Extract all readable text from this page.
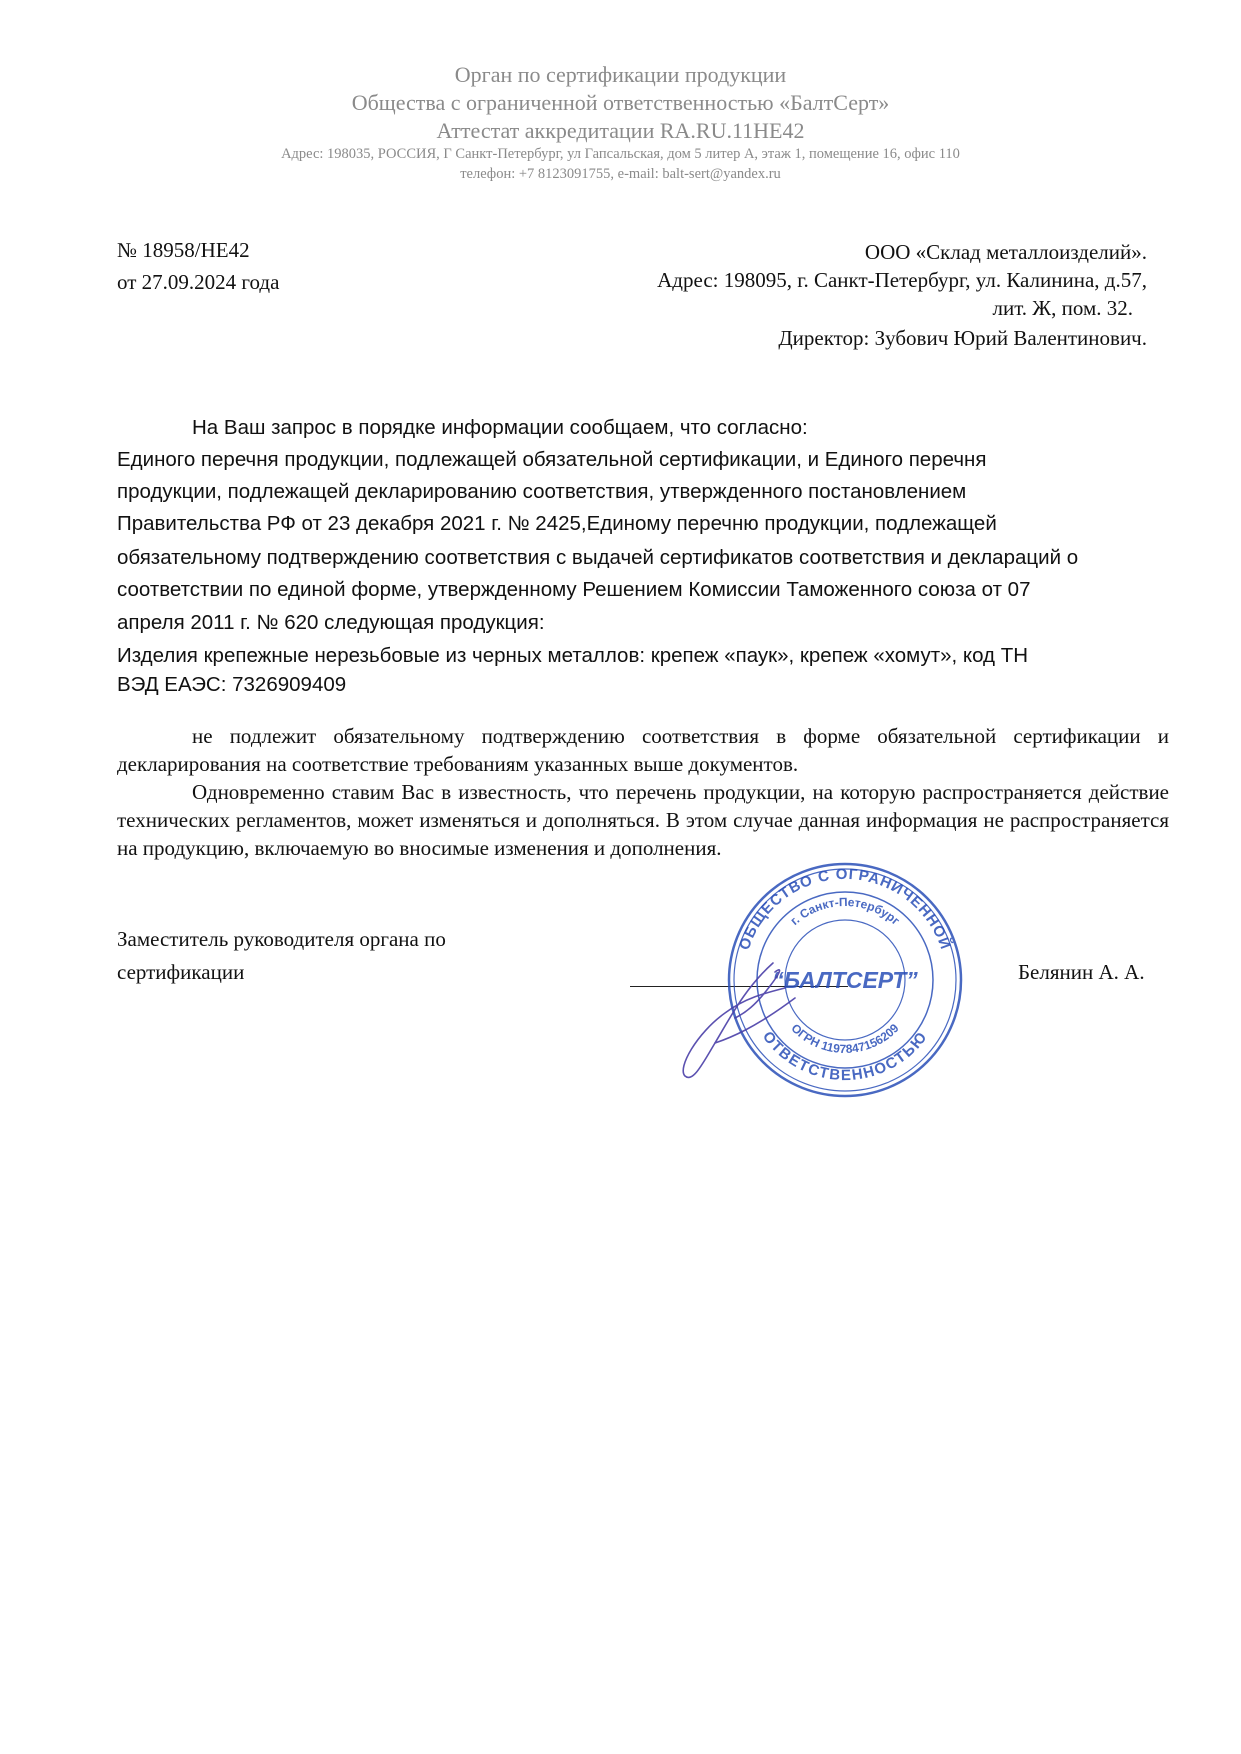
Орган по сертификации продукции
Общества с ограниченной ответственностью «БалтСерт»
Аттестат аккредитации RA.RU.11НЕ42
Адрес: 198035, РОССИЯ, Г Санкт-Петербург, ул Гапсальская, дом 5 литер А, этаж 1, помещение 16, офис 110
телефон: +7 8123091755, e-mail: balt-sert@yandex.ru
№ 18958/НЕ42
от 27.09.2024 года
ООО «Склад металлоизделий».
Адрес: 198095, г. Санкт-Петербург, ул. Калинина, д.57,
лит. Ж, пом. 32.
Директор: Зубович Юрий Валентинович.
На Ваш запрос в порядке информации сообщаем, что согласно:
Единого перечня продукции, подлежащей обязательной сертификации, и Единого перечня
продукции, подлежащей декларированию соответствия, утвержденного постановлением
Правительства РФ от 23 декабря 2021 г. № 2425,Единому перечню продукции, подлежащей
обязательному подтверждению соответствия с выдачей сертификатов соответствия и деклараций о
соответствии по единой форме, утвержденному Решением Комиссии Таможенного союза от 07
апреля 2011 г. № 620 следующая продукция:
Изделия крепежные нерезьбовые из черных металлов: крепеж «паук», крепеж «хомут», код ТН
ВЭД ЕАЭС: 7326909409

не подлежит обязательному подтверждению соответствия в форме обязательной сертификации и декларирования на соответствие требованиям указанных выше документов.

Одновременно ставим Вас в известность, что перечень продукции, на которую распространяется действие технических регламентов, может изменяться и дополняться. В этом случае данная информация не распространяется на продукцию, включаемую во вносимые изменения и дополнения.

Заместитель руководителя органа по
сертификации	Белянин А. А.
ОБЩЕСТВО С ОГРАНИЧЕННОЙ
ОТВЕТСТВЕННОСТЬЮ
г. Санкт-Петербург
ОГРН 1197847156209
“БАЛТСЕРТ”
